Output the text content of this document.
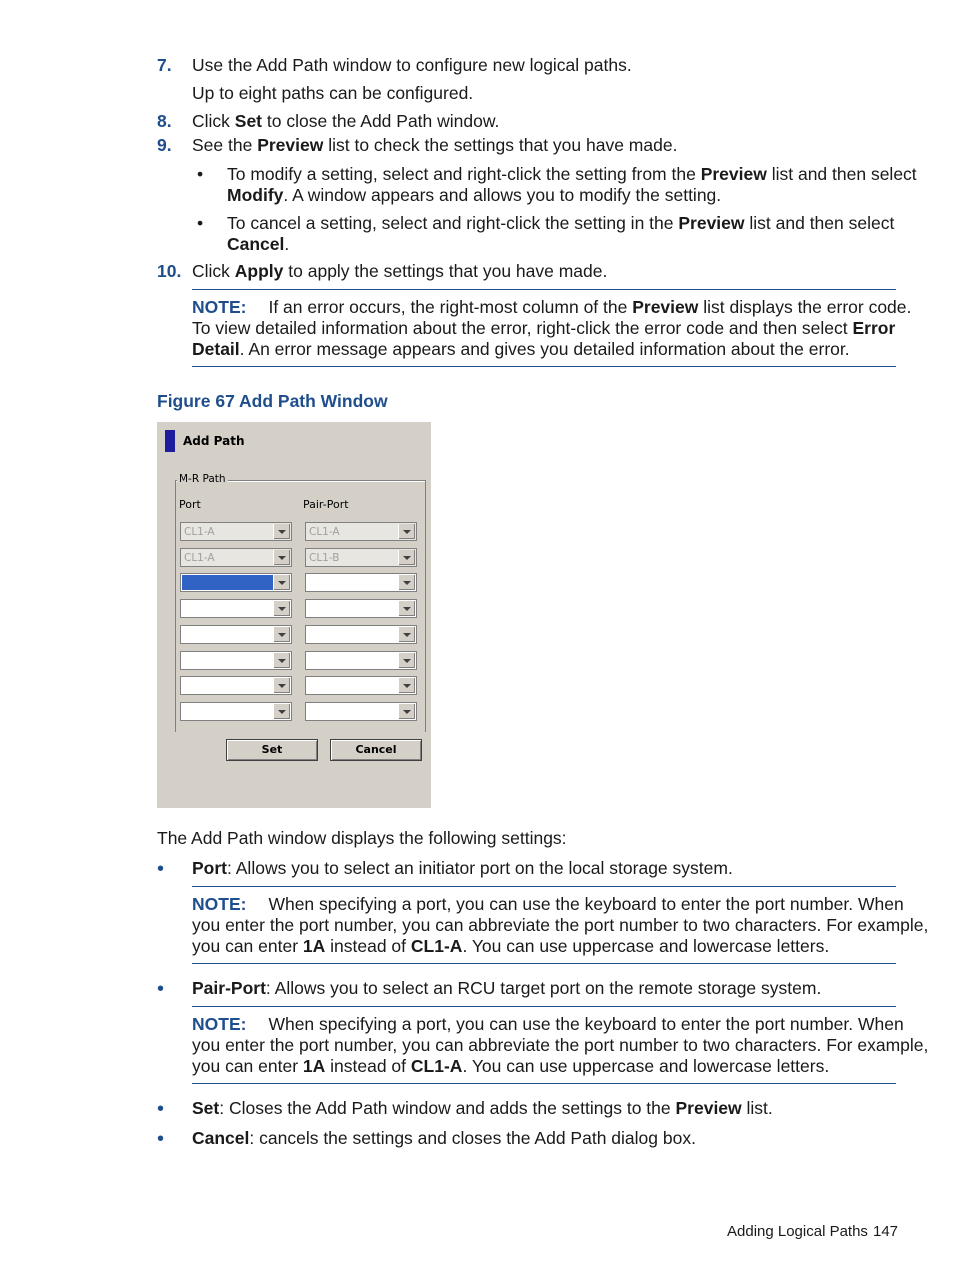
7. Use the Add Path window to configure new logical paths.
Up to eight paths can be configured.
8. Click Set to close the Add Path window.
9. See the Preview list to check the settings that you have made.
• To modify a setting, select and right-click the setting from the Preview list and then select
Modify. A window appears and allows you to modify the setting.
• To cancel a setting, select and right-click the setting in the Preview list and then select
Cancel.
10. Click Apply to apply the settings that you have made.
NOTE: If an error occurs, the right-most column of the Preview list displays the error code.
To view detailed information about the error, right-click the error code and then select Error
Detail. An error message appears and gives you detailed information about the error.
Figure 67 Add Path Window
Add Path
M-R Path
Port	Pair-Port
CL1-A	CL1-A
CL1-A	CL1-B
Set	Cancel
The Add Path window displays the following settings:
• Port: Allows you to select an initiator port on the local storage system.
NOTE: When specifying a port, you can use the keyboard to enter the port number. When
you enter the port number, you can abbreviate the port number to two characters. For example,
you can enter 1A instead of CL1-A. You can use uppercase and lowercase letters.
• Pair-Port: Allows you to select an RCU target port on the remote storage system.
NOTE: When specifying a port, you can use the keyboard to enter the port number. When
you enter the port number, you can abbreviate the port number to two characters. For example,
you can enter 1A instead of CL1-A. You can use uppercase and lowercase letters.
• Set: Closes the Add Path window and adds the settings to the Preview list.
• Cancel: cancels the settings and closes the Add Path dialog box.
Adding Logical Paths 147
